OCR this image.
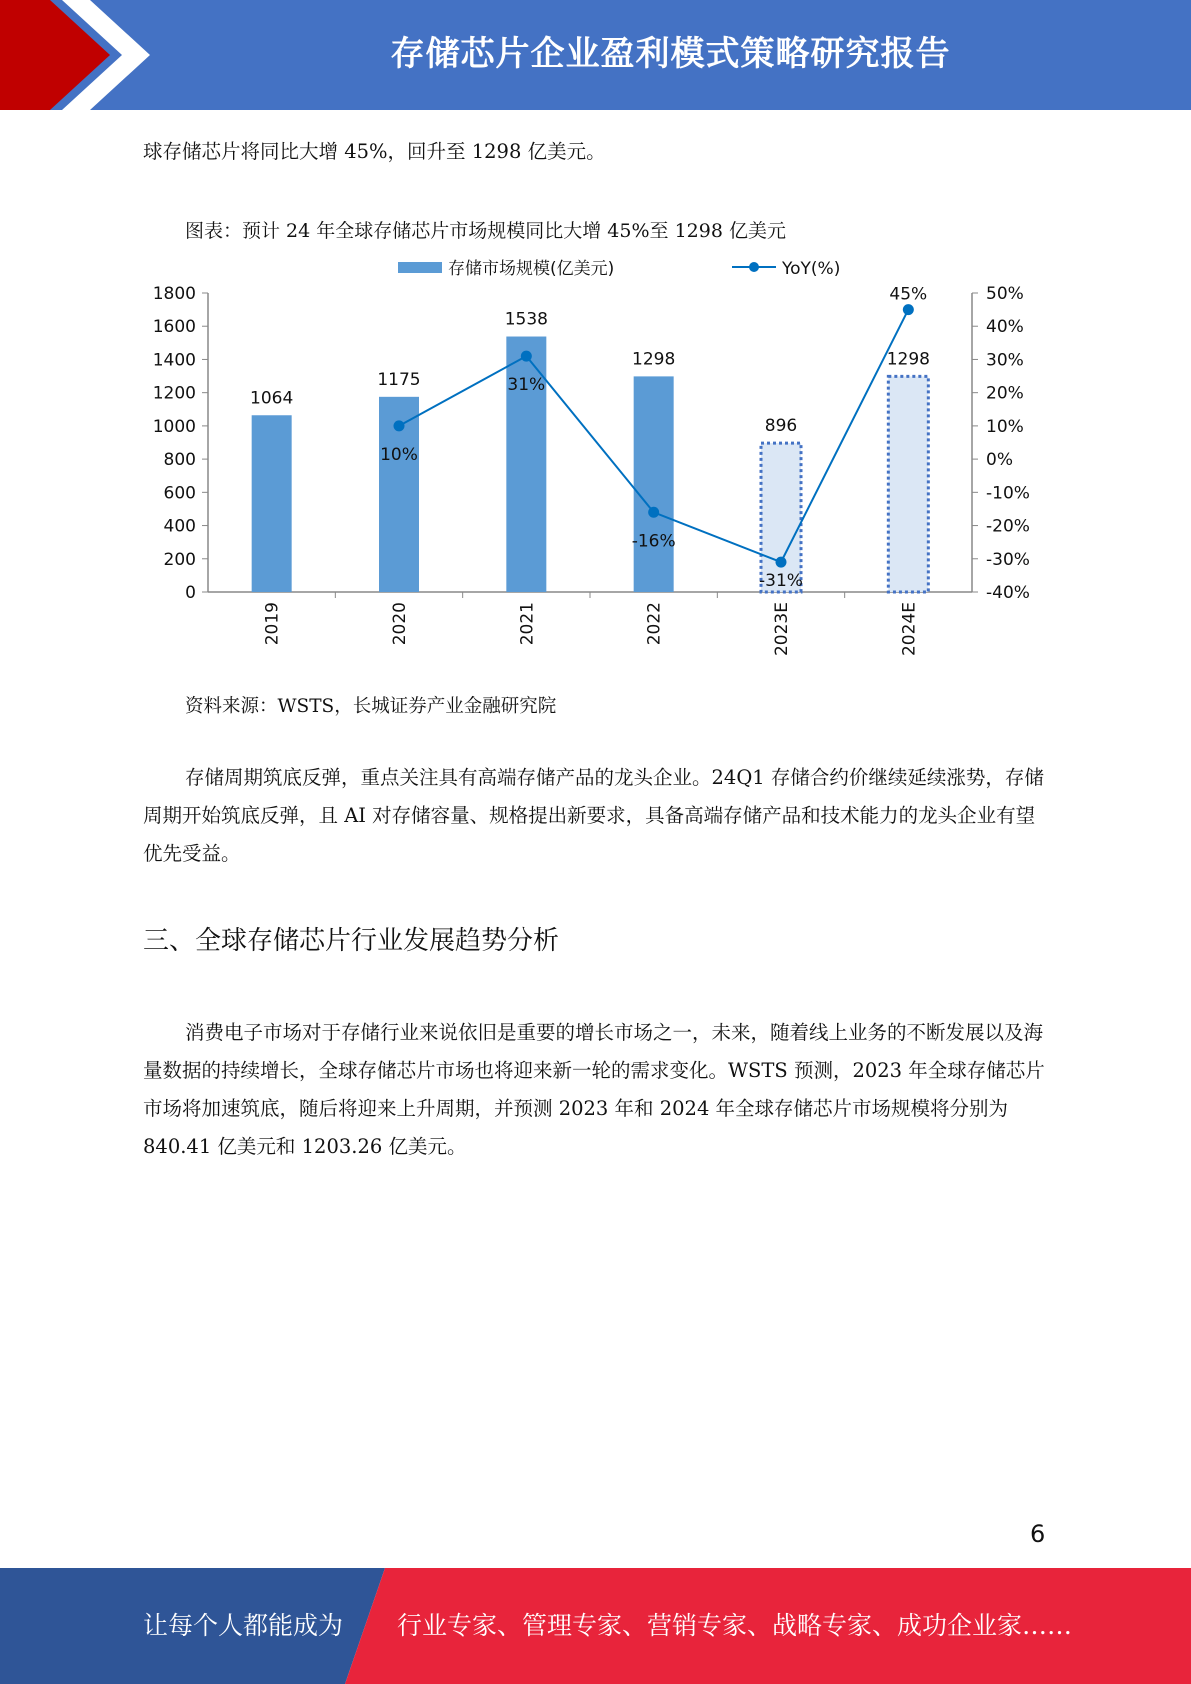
存储芯片企业盈利模式策略研究报告

球存储芯片将同比大增 45%，回升至 1298 亿美元。

图表：预计 24 年全球存储芯片市场规模同比大增 45%至 1298 亿美元

0
200
400
600
800
1000
1200
1400
1600
1800
-40%
-30%
-20%
-10%
0%
10%
20%
30%
40%
50%
2019	2020	2021	2022	2023E	2024E
1064
1175
1538
1298
896
1298
10%
31%
-16%
-31%
45%
存储市场规模(亿美元)	YoY(%)

资料来源：WSTS，长城证券产业金融研究院

存储周期筑底反弹，重点关注具有高端存储产品的龙头企业。24Q1 存储合约价继续延续涨势，存储周期开始筑底反弹，且 AI 对存储容量、规格提出新要求，具备高端存储产品和技术能力的龙头企业有望优先受益。

三、全球存储芯片行业发展趋势分析

消费电子市场对于存储行业来说依旧是重要的增长市场之一，未来，随着线上业务的不断发展以及海量数据的持续增长，全球存储芯片市场也将迎来新一轮的需求变化。WSTS 预测，2023 年全球存储芯片市场将加速筑底，随后将迎来上升周期，并预测 2023 年和 2024 年全球存储芯片市场规模将分别为 840.41 亿美元和 1203.26 亿美元。

6
让每个人都能成为 行业专家、管理专家、营销专家、战略专家、成功企业家……
